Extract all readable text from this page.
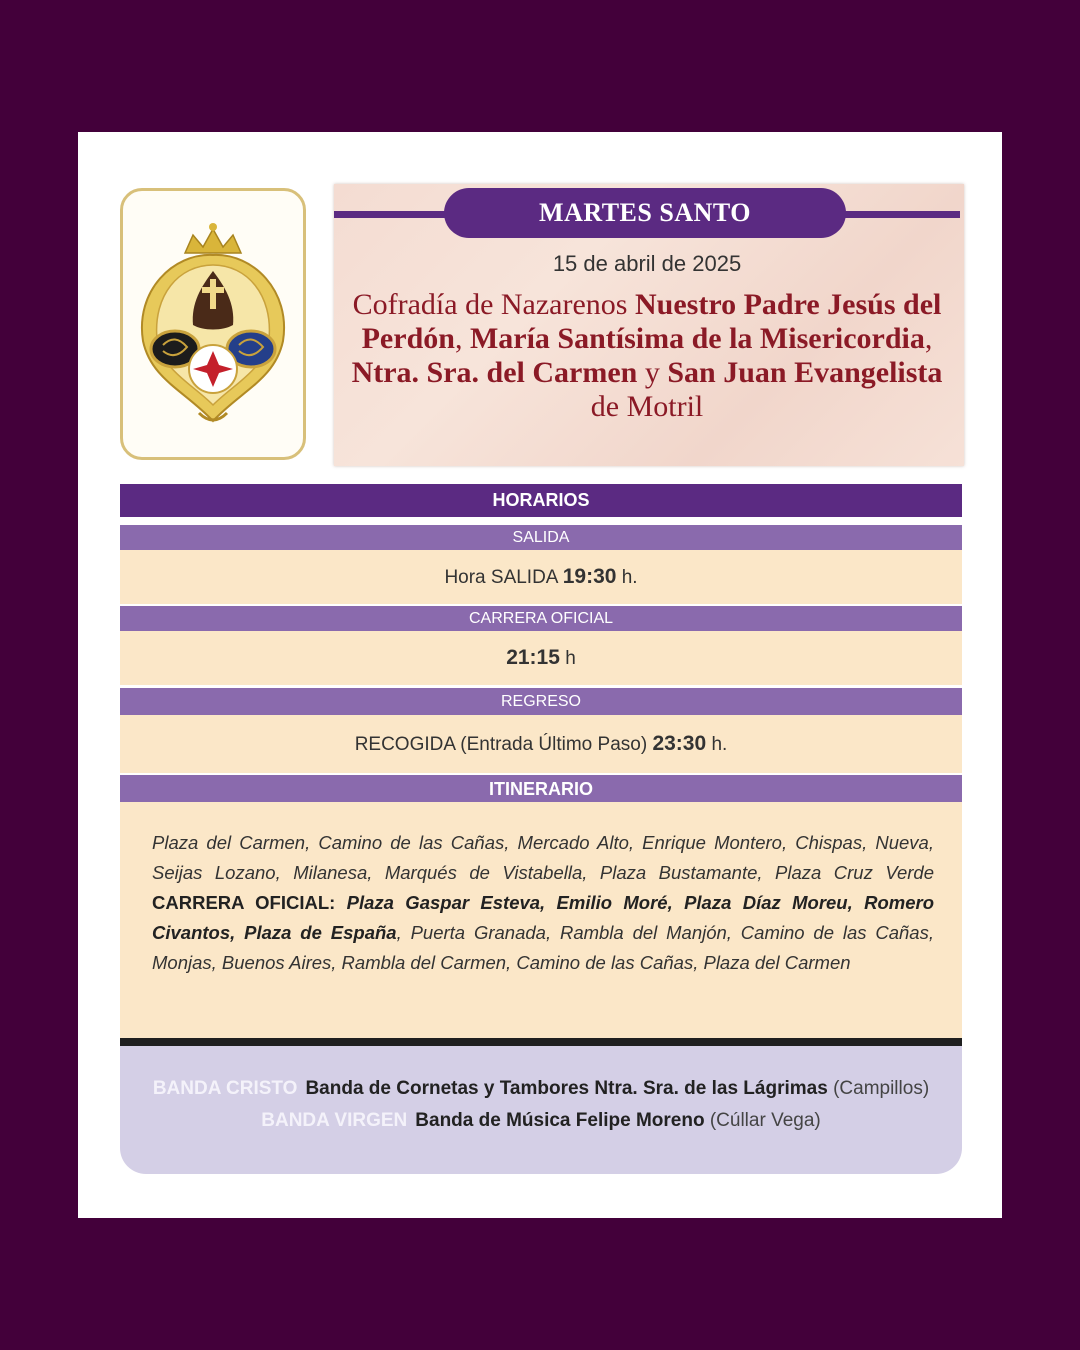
MARTES SANTO
15 de abril de 2025
Cofradía de Nazarenos Nuestro Padre Jesús del Perdón, María Santísima de la Misericordia, Ntra. Sra. del Carmen y San Juan Evangelista de Motril
HORARIOS
SALIDA
Hora SALIDA 19:30 h.
CARRERA OFICIAL
21:15 h
REGRESO
RECOGIDA (Entrada Último Paso) 23:30 h.
ITINERARIO

Plaza del Carmen, Camino de las Cañas, Mercado Alto, Enrique Montero, Chispas, Nueva, Seijas Lozano, Milanesa, Marqués de Vistabella, Plaza Bustamante, Plaza Cruz Verde CARRERA OFICIAL: Plaza Gaspar Esteva, Emilio Moré, Plaza Díaz Moreu, Romero Civantos, Plaza de España, Puerta Granada, Rambla del Manjón, Camino de las Cañas, Monjas, Buenos Aires, Rambla del Carmen, Camino de las Cañas, Plaza del Carmen

BANDA CRISTO Banda de Cornetas y Tambores Ntra. Sra. de las Lágrimas (Campillos)
BANDA VIRGEN Banda de Música Felipe Moreno (Cúllar Vega)
